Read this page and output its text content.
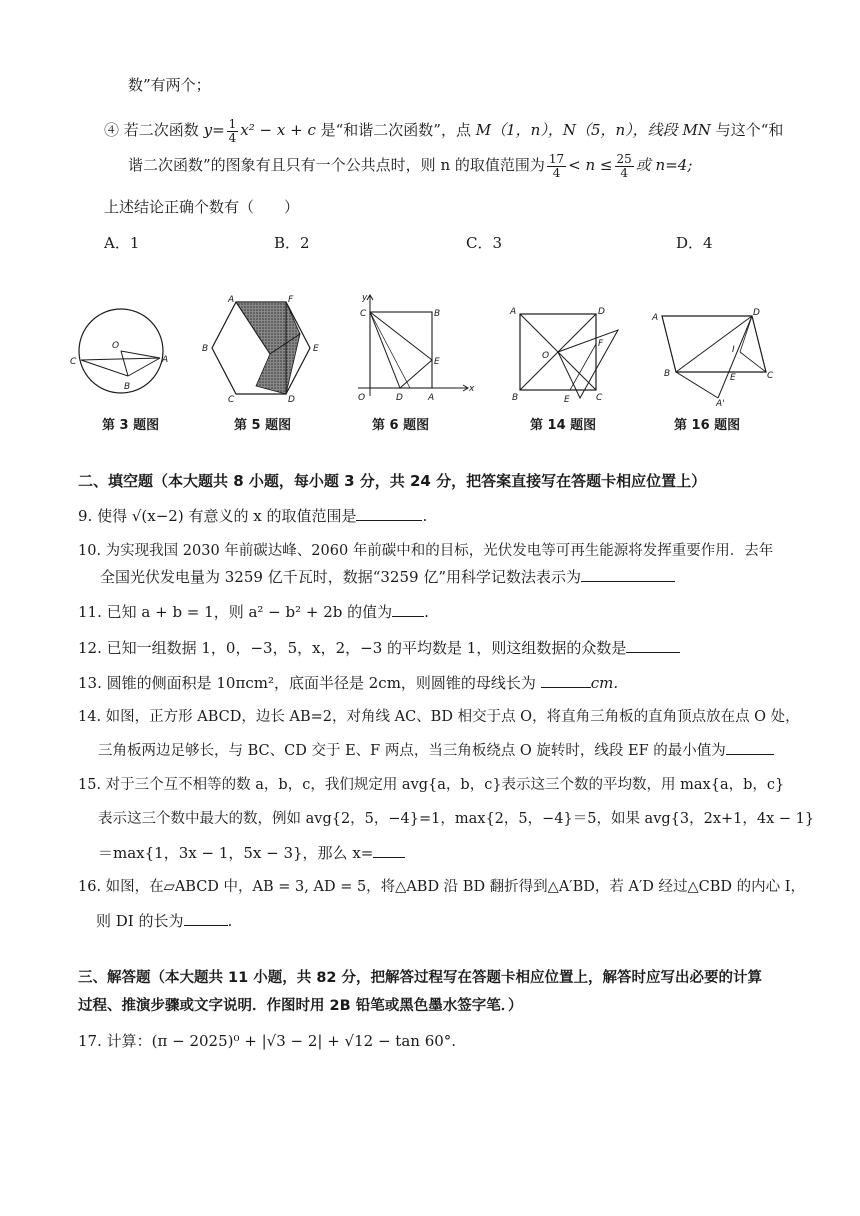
数”有两个；
④ 若二次函数 $y= \frac{1}{4} x^2 - x + c$ 是“和谐二次函数”，点 M（1，n），N（5，n），线段 MN 与这个“和
谐二次函数”的图象有且只有一个公共点时，则 n 的取值范围为 $\frac{17}{4} < n \le \frac{25}{4}$ 或 n=4;
上述结论正确个数有（　　）
A．1	B．2	C．3	D．4
O
C	A
B
第 3 题图
A	F
B	E
C	D
第 5 题图
y
C	B
E
O	D	A
x
第 6 题图
A	D
O
F
B	E	C
第 14 题图
A	D
I
B	E	C
A'
第 16 题图
二、填空题（本大题共 8 小题，每小题 3 分，共 24 分，把答案直接写在答题卡相应位置上）
9. 使得 √(x−2) 有意义的 x 的取值范围是	.
10. 为实现我国 2030 年前碳达峰、2060 年前碳中和的目标，光伏发电等可再生能源将发挥重要作用．去年
全国光伏发电量为 3259 亿千瓦时，数据“3259 亿”用科学记数法表示为
11. 已知 a + b = 1，则 a² − b² + 2b 的值为 .
12. 已知一组数据 1，0，−3，5，x，2，−3 的平均数是 1，则这组数据的众数是
13. 圆锥的侧面积是 10πcm²，底面半径是 2cm，则圆锥的母线长为	cm.
14. 如图，正方形 ABCD，边长 AB=2，对角线 AC、BD 相交于点 O，将直角三角板的直角顶点放在点 O 处，
三角板两边足够长，与 BC、CD 交于 E、F 两点，当三角板绕点 O 旋转时，线段 EF 的最小值为
15. 对于三个互不相等的数 a，b，c，我们规定用 avg{a，b，c}表示这三个数的平均数，用 max{a，b，c}
表示这三个数中最大的数，例如 avg{2，5，−4}=1，max{2，5，−4}＝5，如果 avg{3，2x+1，4x − 1}
＝max{1，3x − 1，5x − 3}，那么 x=
16. 如图，在▱ABCD 中，AB = 3, AD = 5，将△ABD 沿 BD 翻折得到△A′BD，若 A′D 经过△CBD 的内心 I，
则 DI 的长为	.
三、解答题（本大题共 11 小题，共 82 分，把解答过程写在答题卡相应位置上，解答时应写出必要的计算
过程、推演步骤或文字说明．作图时用 2B 铅笔或黑色墨水签字笔．）
17. 计算：(π − 2025)⁰ + |√3 − 2| + √12 − tan 60°.
